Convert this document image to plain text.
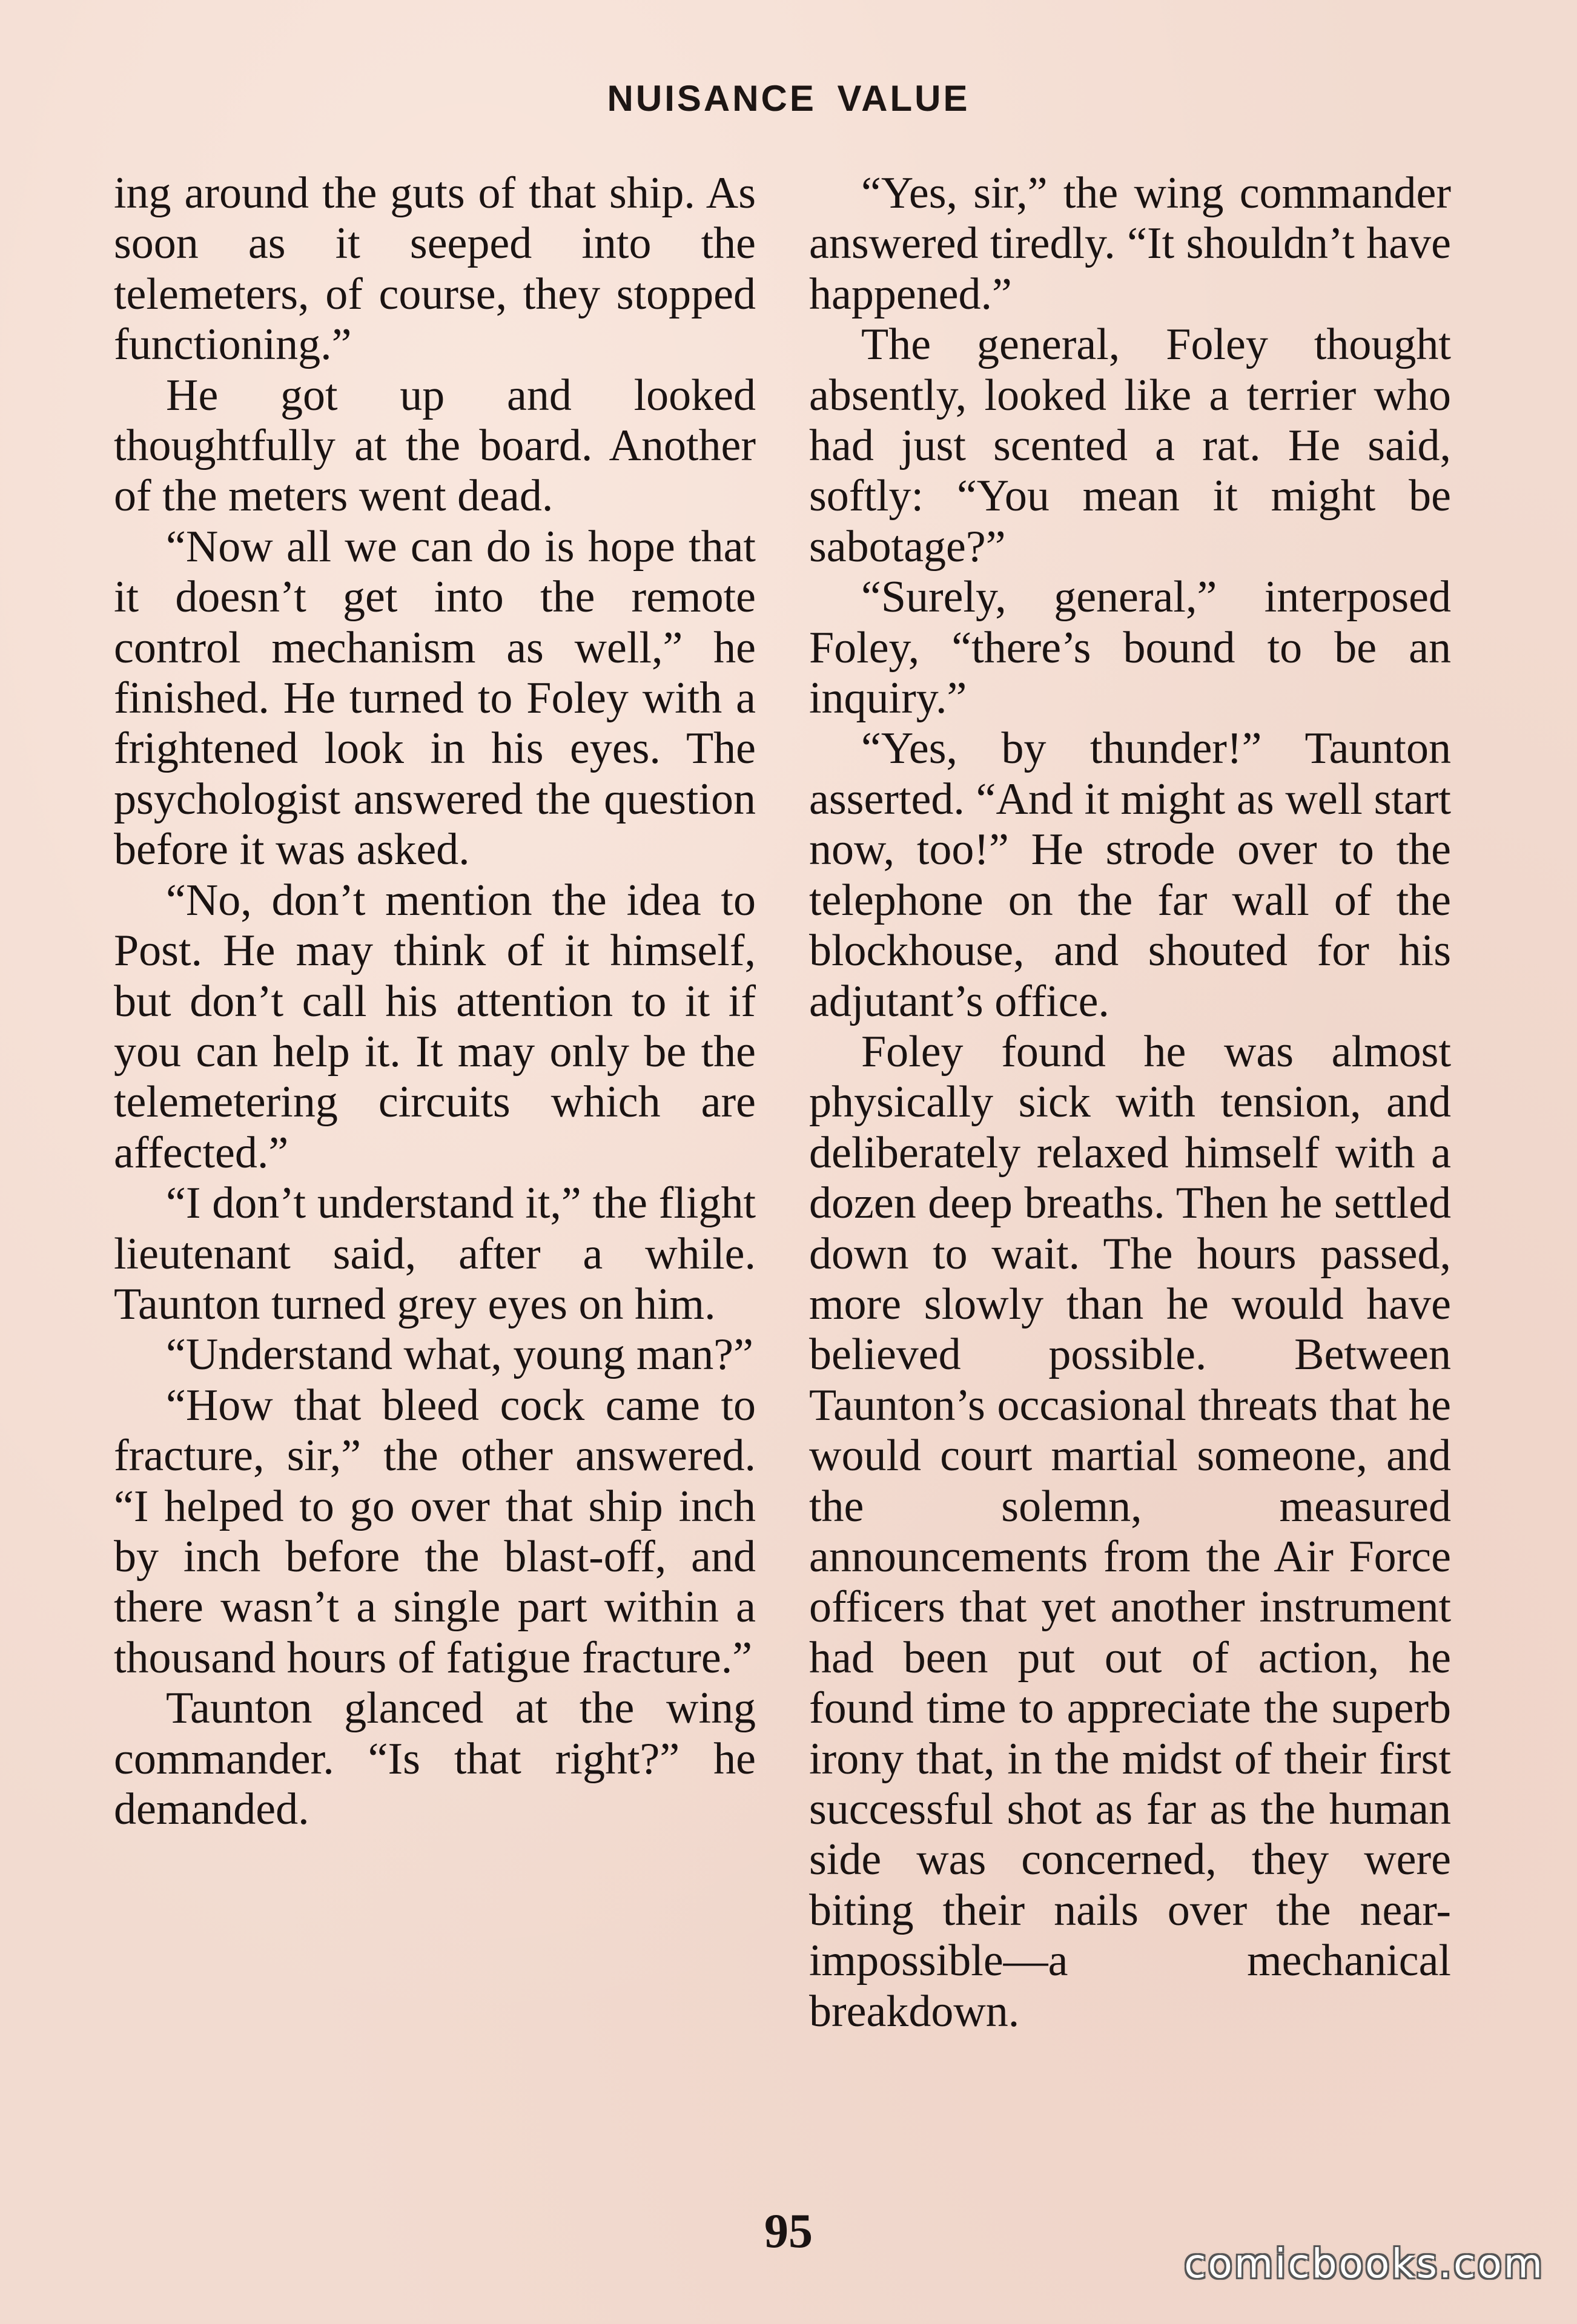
NUISANCE VALUE

ing around the guts of that ship. As soon as it seeped into the telemeters, of course, they stopped functioning.”

He got up and looked thoughtfully at the board. Another of the meters went dead.

“Now all we can do is hope that it doesn’t get into the remote control mechanism as well,” he finished. He turned to Foley with a frightened look in his eyes. The psychologist answered the question before it was asked.

“No, don’t mention the idea to Post. He may think of it himself, but don’t call his attention to it if you can help it. It may only be the telemetering circuits which are affected.”

“I don’t understand it,” the flight lieutenant said, after a while. Taunton turned grey eyes on him.

“Understand what, young man?”

“How that bleed cock came to fracture, sir,” the other answered. “I helped to go over that ship inch by inch before the blast-off, and there wasn’t a single part within a thousand hours of fatigue fracture.”

Taunton glanced at the wing commander. “Is that right?” he demanded.

“Yes, sir,” the wing commander answered tiredly. “It shouldn’t have happened.”

The general, Foley thought absently, looked like a terrier who had just scented a rat. He said, softly: “You mean it might be sabotage?”

“Surely, general,” interposed Foley, “there’s bound to be an inquiry.”

“Yes, by thunder!” Taunton asserted. “And it might as well start now, too!” He strode over to the telephone on the far wall of the blockhouse, and shouted for his adjutant’s office.

Foley found he was almost physically sick with tension, and deliberately relaxed himself with a dozen deep breaths. Then he settled down to wait. The hours passed, more slowly than he would have believed possible. Between Taunton’s occasional threats that he would court martial someone, and the solemn, measured announcements from the Air Force officers that yet another instrument had been put out of action, he found time to appreciate the superb irony that, in the midst of their first successful shot as far as the human side was concerned, they were biting their nails over the near-impossible—a mechanical breakdown.

95
comicbooks.com
